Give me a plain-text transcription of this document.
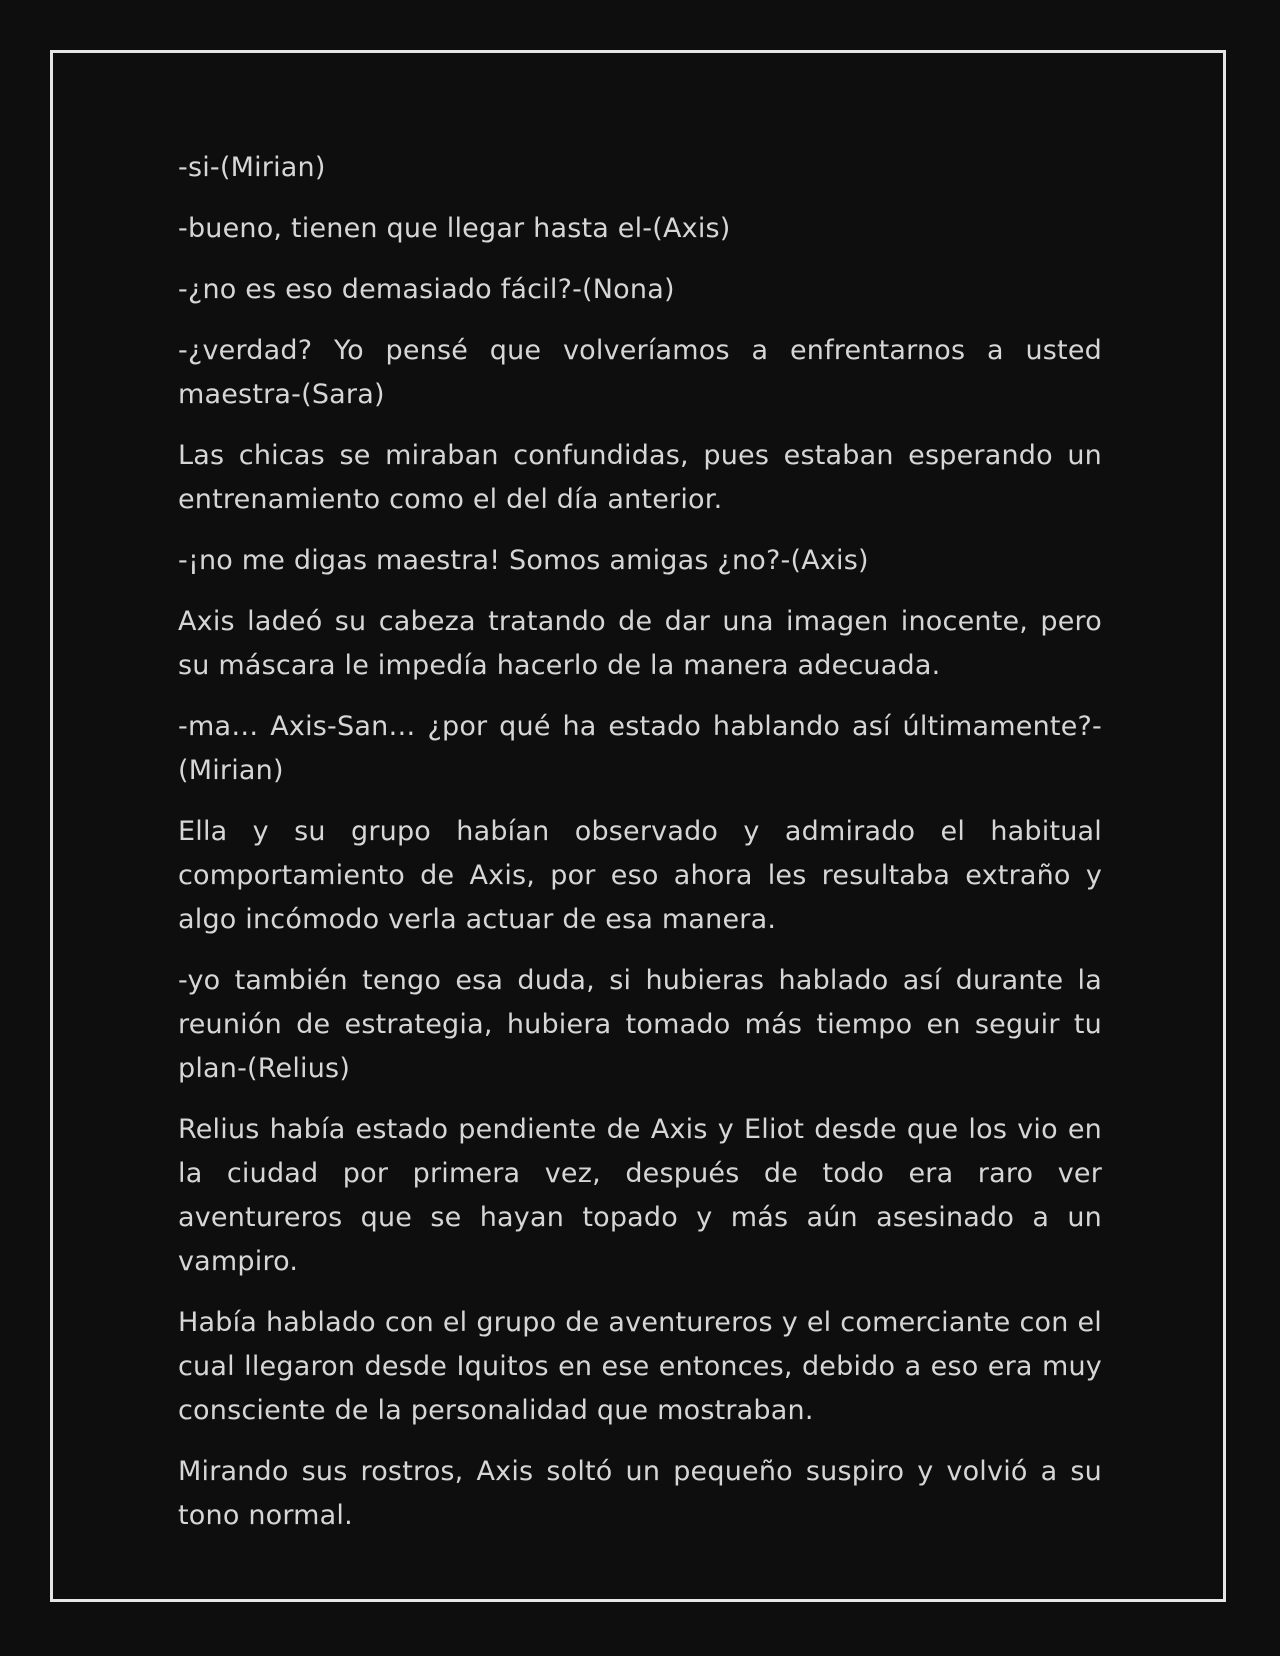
-si-(Mirian)

-bueno, tienen que llegar hasta el-(Axis)

-¿no es eso demasiado fácil?-(Nona)

-¿verdad? Yo pensé que volveríamos a enfrentarnos a usted maestra-(Sara)

Las chicas se miraban confundidas, pues estaban esperando un entrenamiento como el del día anterior.

-¡no me digas maestra! Somos amigas ¿no?-(Axis)

Axis ladeó su cabeza tratando de dar una imagen inocente, pero su máscara le impedía hacerlo de la manera adecuada.

-ma… Axis-San… ¿por qué ha estado hablando así últimamente?-(Mirian)

Ella y su grupo habían observado y admirado el habitual comportamiento de Axis, por eso ahora les resultaba extraño y algo incómodo verla actuar de esa manera.

-yo también tengo esa duda, si hubieras hablado así durante la reunión de estrategia, hubiera tomado más tiempo en seguir tu plan-(Relius)

Relius había estado pendiente de Axis y Eliot desde que los vio en la ciudad por primera vez, después de todo era raro ver aventureros que se hayan topado y más aún asesinado a un vampiro.

Había hablado con el grupo de aventureros y el comerciante con el cual llegaron desde Iquitos en ese entonces, debido a eso era muy consciente de la personalidad que mostraban.

Mirando sus rostros, Axis soltó un pequeño suspiro y volvió a su tono normal.
